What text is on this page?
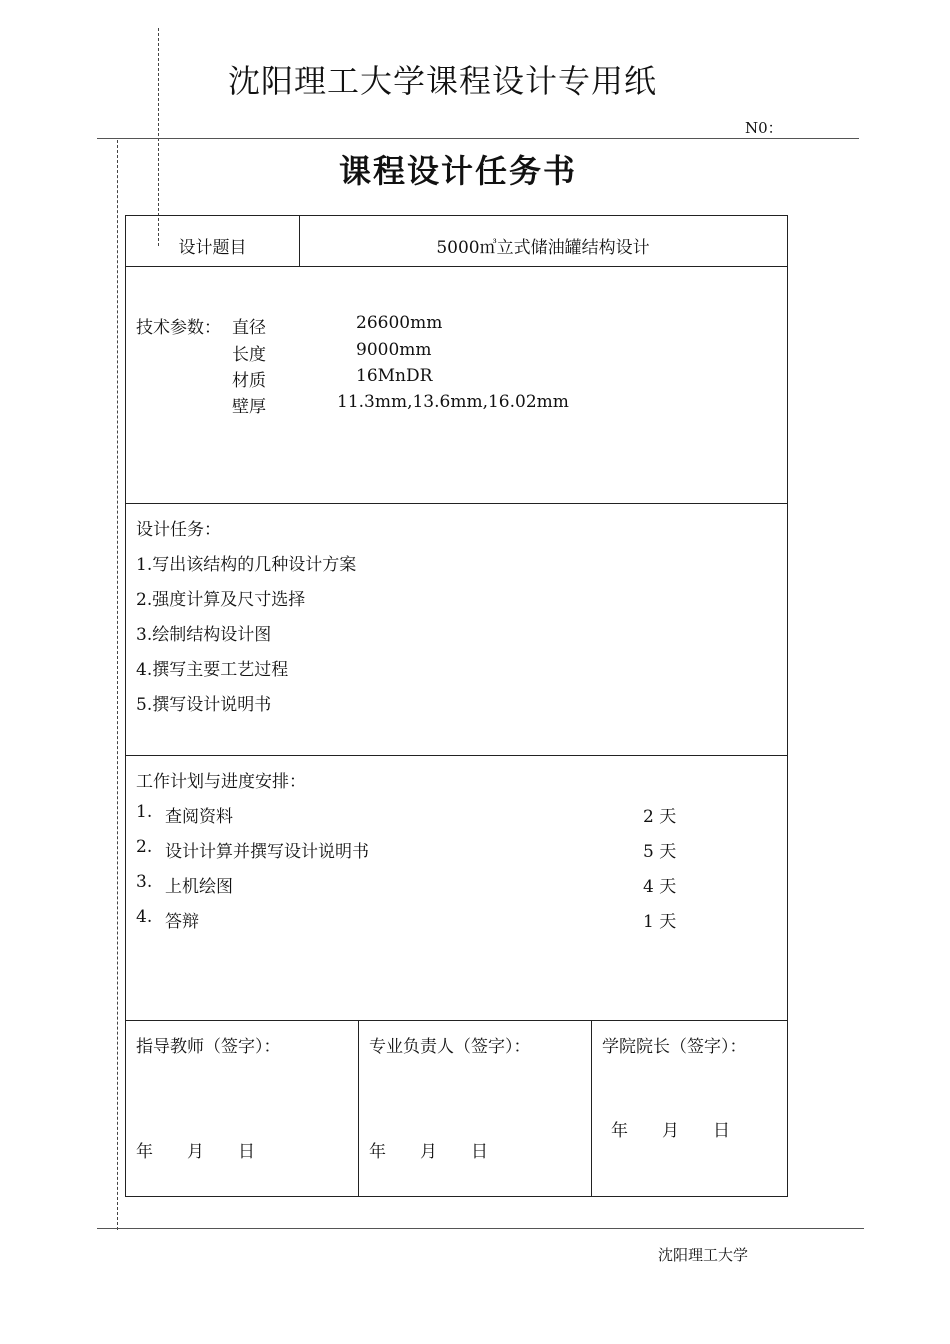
沈阳理工大学课程设计专用纸
N0：
课程设计任务书
设计题目	5000㎥立式储油罐结构设计
技术参数： 直径	26600mm
长度	9000mm
材质	16MnDR
壁厚	11.3mm,13.6mm,16.02mm
设计任务：
1.写出该结构的几种设计方案
2.强度计算及尺寸选择
3.绘制结构设计图
4.撰写主要工艺过程
5.撰写设计说明书
工作计划与进度安排：
1. 查阅资料	2 天
2. 设计计算并撰写设计说明书	5 天
3. 上机绘图	4 天
4. 答辩	1 天
指导教师（签字）：
年　　月　　日
专业负责人（签字）：
年　　月　　日
学院院长（签字）：
年　　月　　日
沈阳理工大学
